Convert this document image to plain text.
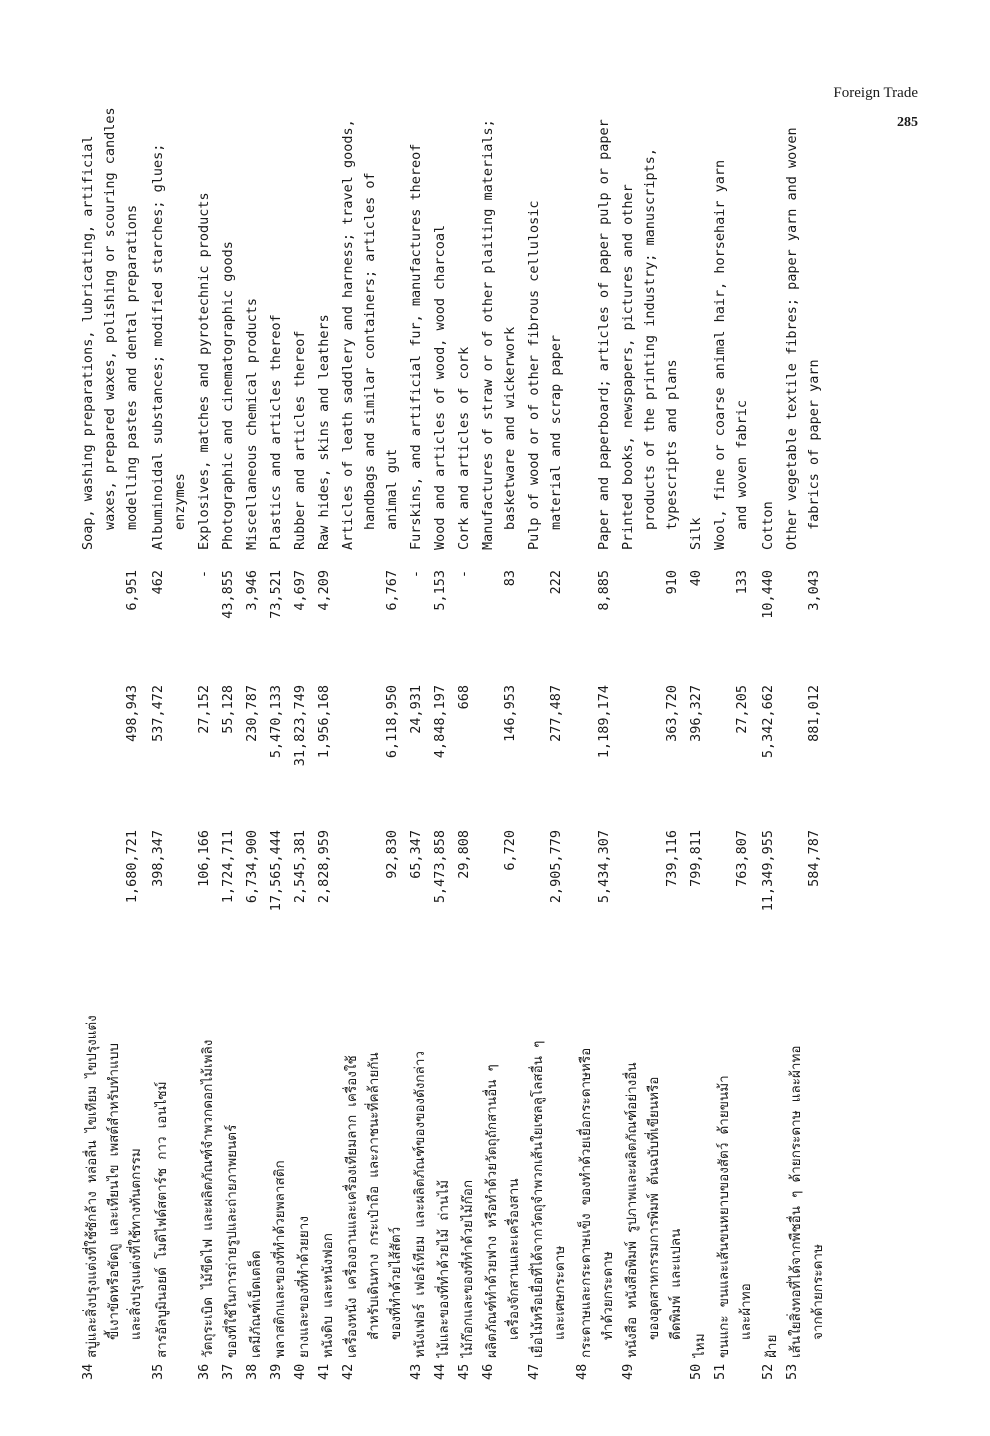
Foreign Trade
285
34
สบู่และสิ่งปรุงแต่งที่ใช้ซักล้าง หล่อลื่น ไขเทียม ไขปรุงแต่ง
Soap, washing preparations, lubricating, artificial
ขี้เงาขัดหรือขัดถู และเทียนไข เพสต์สำหรับทำแบบ
waxes, prepared waxes, polishing or scouring candles
และสิ่งปรุงแต่งที่ใช้ทางทันตกรรม
1,680,721
498,943
6,951
modelling pastes and dental preparations
35
สารอัลบูมินอยด์ โมดิไฟด์สตาร์ช กาว เอนไซม์
398,347
537,472
462
Albuminoidal substances; modified starches; glues; enzymes
36
วัตถุระเบิด ไม้ขีดไฟ และผลิตภัณฑ์จำพวกดอกไม้เพลิง
106,166
27,152
-
Explosives, matches and pyrotechnic products
37
ของที่ใช้ในการถ่ายรูปและถ่ายภาพยนตร์
1,724,711
55,128
43,855
Photographic and cinematographic goods
38
เคมีภัณฑ์เบ็ดเตล็ด
6,734,900
230,787
3,946
Miscellaneous chemical products
39
พลาสติกและของที่ทำด้วยพลาสติก
17,565,444
5,470,133
73,521
Plastics and articles thereof
40
ยางและของที่ทำด้วยยาง
2,545,381
31,823,749
4,697
Rubber and articles thereof
41
หนังดิบ และหนังฟอก
2,828,959
1,956,168
4,209
Raw hides, skins and leathers
42
เครื่องหนัง เครื่องอานและเครื่องเทียมลาก เครื่องใช้
Articles of leath saddlery and harness; travel goods,
สำหรับเดินทาง กระเป๋าถือ และภาชนะที่คล้ายกัน
handbags and similar containers; articles of
ของที่ทำด้วยไส้สัตว์
92,830
6,118,950
6,767
animal gut
43
หนังเฟอร์ เฟอร์เทียม และผลิตภัณฑ์ของของดังกล่าว
65,347
24,931
-
Furskins, and artificial fur, manufactures thereof
44
ไม้และของที่ทำด้วยไม้ ถ่านไม้
5,473,858
4,848,197
5,153
Wood and articles of wood, wood charcoal
45
ไม้ก๊อกและของที่ทำด้วยไม้ก๊อก
29,808
668
-
Cork and articles of cork
46
ผลิตภัณฑ์ทำด้วยฟาง หรือทำด้วยวัตถุถักสานอื่น ๆ
Manufactures of straw or of other plaiting materials;
เครื่องจักสานและเครื่องสาน
6,720
146,953
83
basketware and wickerwork
47
เยื่อไม้หรือเยื่อที่ได้จากวัตถุจำพวกเส้นใยเซลลูโลสอื่น ๆ
Pulp of wood or of other fibrous cellulosic
และเศษกระดาษ
2,905,779
277,487
222
material and scrap paper
48
กระดาษและกระดาษแข็ง ของทำด้วยเยื่อกระดาษหรือ ทำด้วยกระดาษ
5,434,307
1,189,174
8,885
Paper and paperboard; articles of paper pulp or paper
49
หนังสือ หนังสือพิมพ์ รูปภาพและผลิตภัณฑ์อย่างอื่น
Printed books, newspapers, pictures and other
ของอุตสาหกรรมการพิมพ์ ต้นฉบับที่เขียนหรือ
products of the printing industry; manuscripts,
ดีดพิมพ์ และแปลน
739,116
363,720
910
typescripts and plans
50
ไหม
799,811
396,327
40
Silk
51
ขนแกะ ขนและเส้นขนหยาบของสัตว์ ด้ายขนม้า
Wool, fine or coarse animal hair, horsehair yarn
และผ้าทอ
763,807
27,205
133
and woven fabric
52
ฝ้าย
11,349,955
5,342,662
10,440
Cotton
53
เส้นใยสิ่งทอที่ได้จากพืชอื่น ๆ ด้ายกระดาษ และผ้าทอ
Other vegetable textile fibres; paper yarn and woven
จากด้ายกระดาษ
584,787
881,012
3,043
fabrics of paper yarn
